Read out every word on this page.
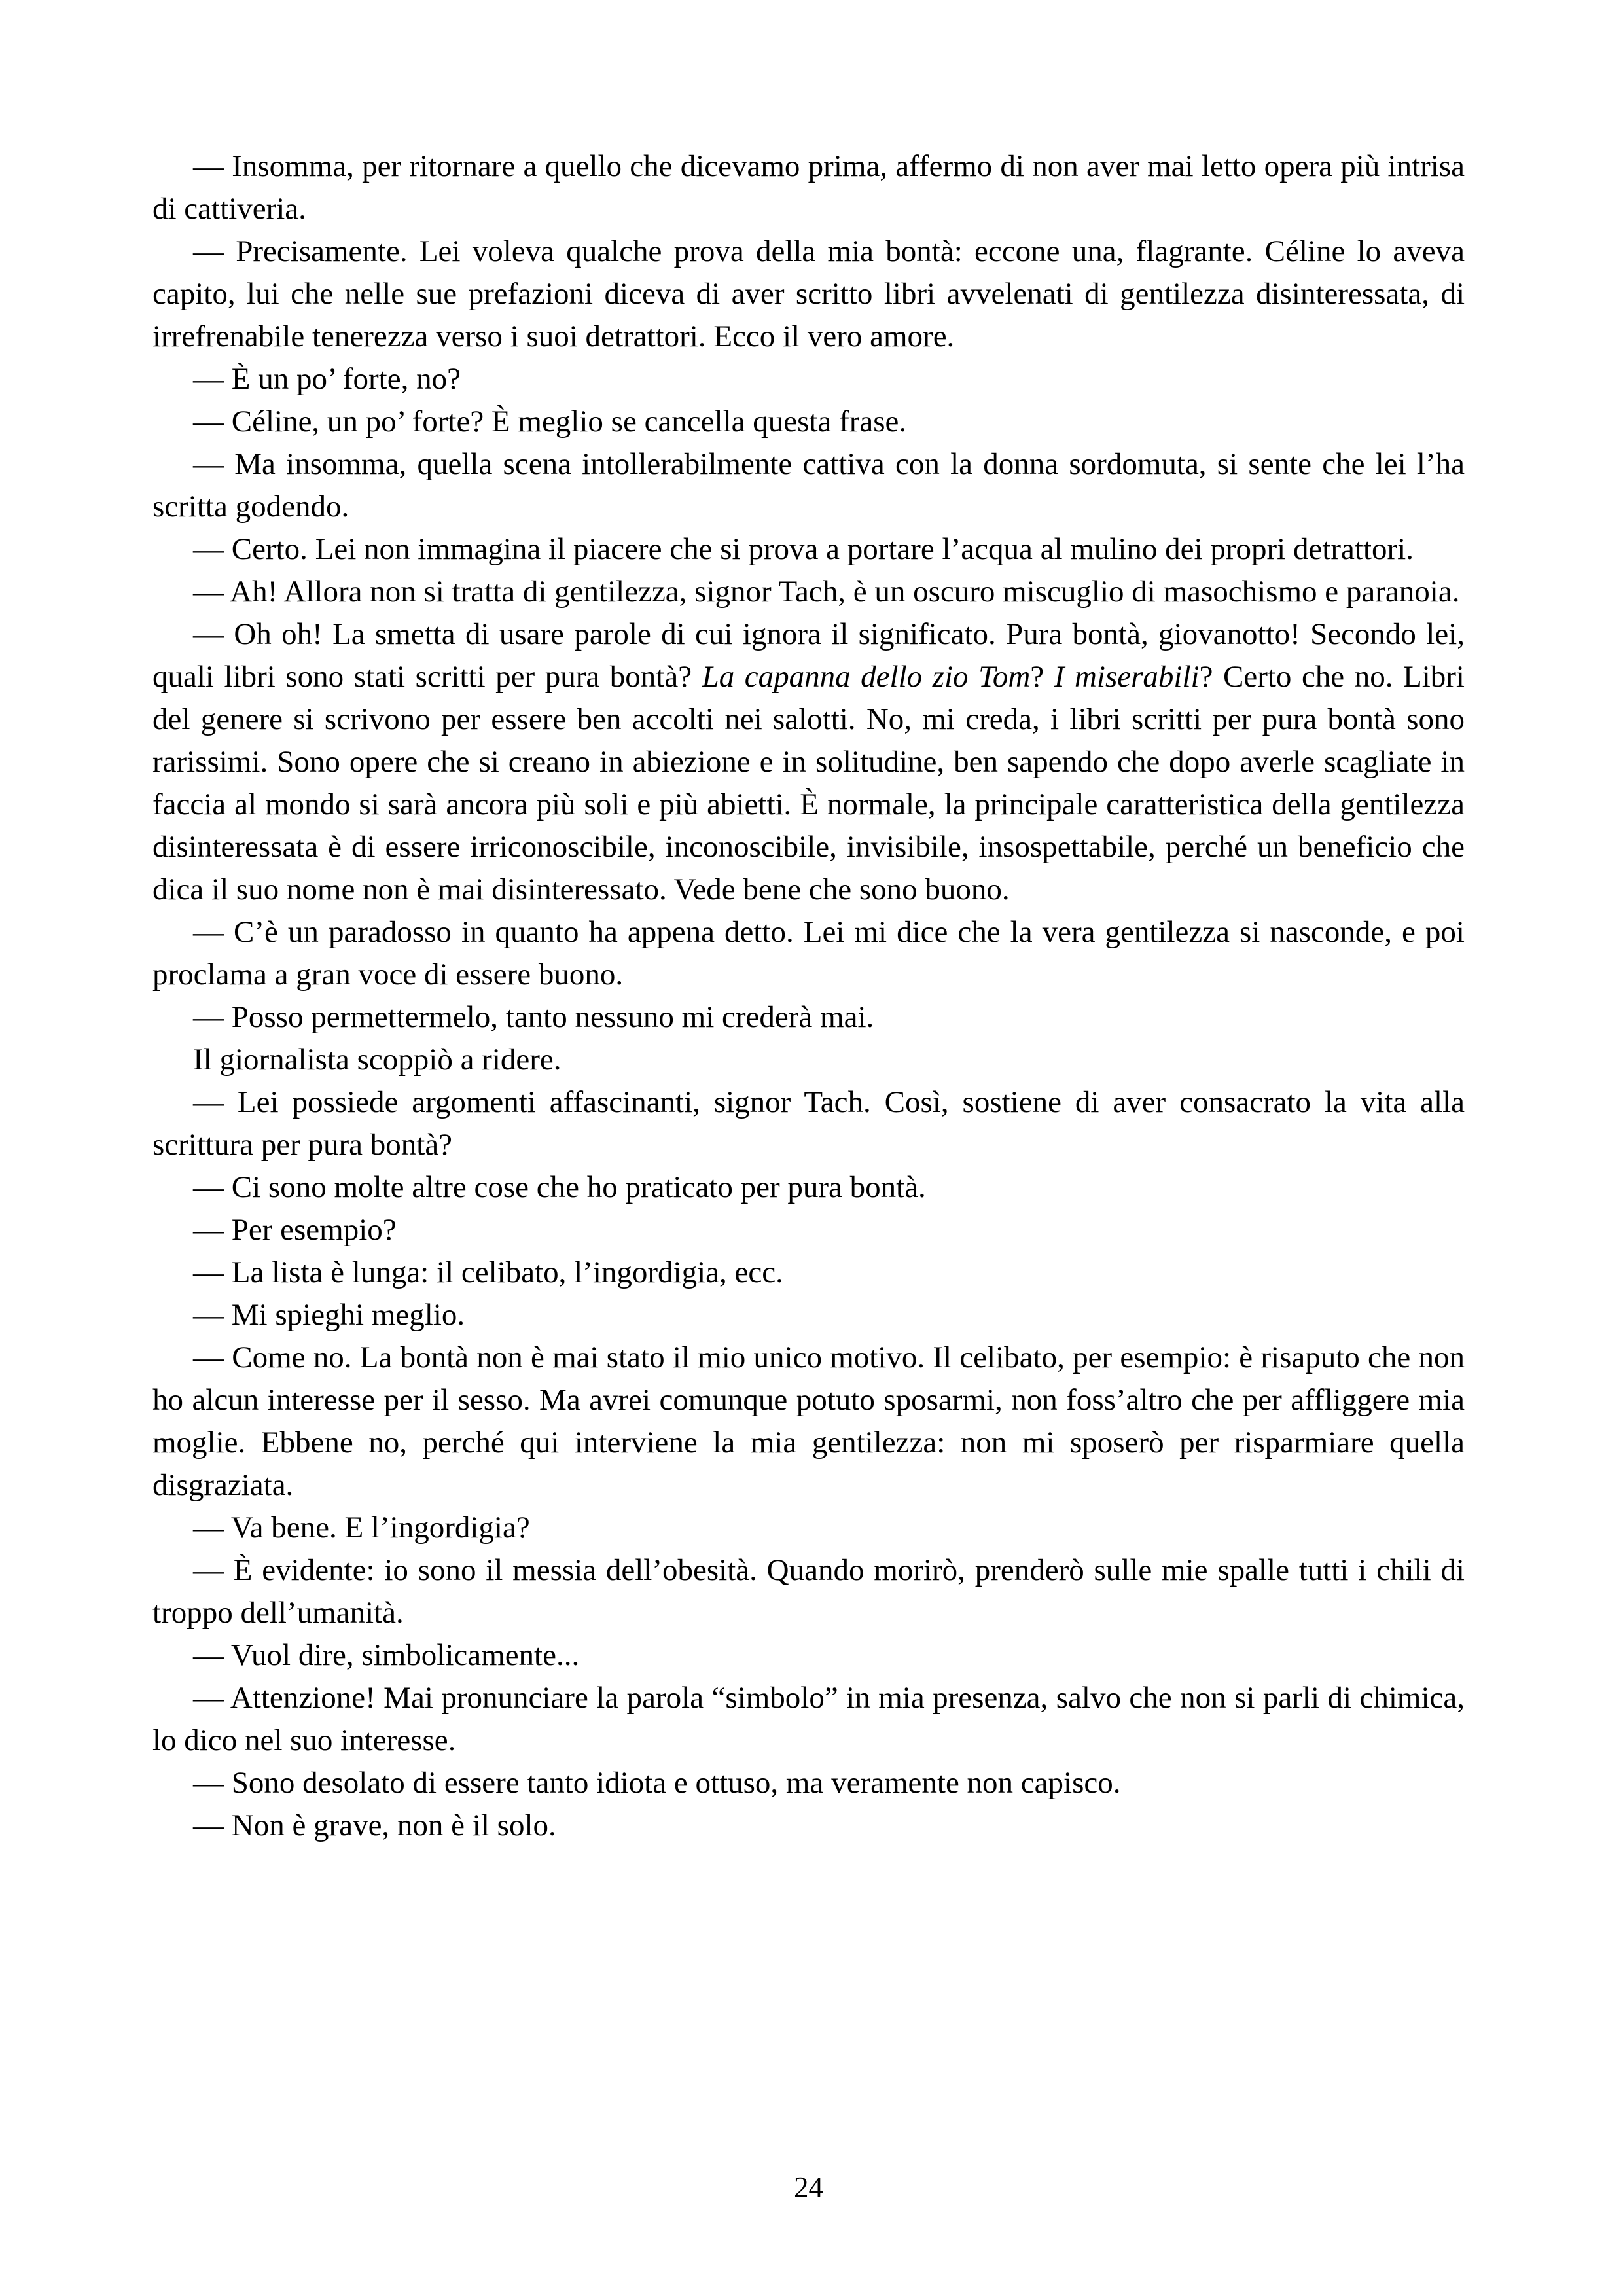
— Insomma, per ritornare a quello che dicevamo prima, affermo di non aver mai letto opera più intrisa di cattiveria.

— Precisamente. Lei voleva qualche prova della mia bontà: eccone una, flagrante. Céline lo aveva capito, lui che nelle sue prefazioni diceva di aver scritto libri avvelenati di gentilezza disinteressata, di irrefrenabile tenerezza verso i suoi detrattori. Ecco il vero amore.

— È un po’ forte, no?

— Céline, un po’ forte? È meglio se cancella questa frase.

— Ma insomma, quella scena intollerabilmente cattiva con la donna sordomuta, si sente che lei l’ha scritta godendo.

— Certo. Lei non immagina il piacere che si prova a portare l’acqua al mulino dei propri detrattori.

— Ah! Allora non si tratta di gentilezza, signor Tach, è un oscuro miscuglio di masochismo e paranoia.

— Oh oh! La smetta di usare parole di cui ignora il significato. Pura bontà, giovanotto! Secondo lei, quali libri sono stati scritti per pura bontà? La capanna dello zio Tom? I miserabili? Certo che no. Libri del genere si scrivono per essere ben accolti nei salotti. No, mi creda, i libri scritti per pura bontà sono rarissimi. Sono opere che si creano in abiezione e in solitudine, ben sapendo che dopo averle scagliate in faccia al mondo si sarà ancora più soli e più abietti. È normale, la principale caratteristica della gentilezza disinteressata è di essere irriconoscibile, inconoscibile, invisibile, insospettabile, perché un beneficio che dica il suo nome non è mai disinteressato. Vede bene che sono buono.

— C’è un paradosso in quanto ha appena detto. Lei mi dice che la vera gentilezza si nasconde, e poi proclama a gran voce di essere buono.

— Posso permettermelo, tanto nessuno mi crederà mai.

Il giornalista scoppiò a ridere.

— Lei possiede argomenti affascinanti, signor Tach. Così, sostiene di aver consacrato la vita alla scrittura per pura bontà?

— Ci sono molte altre cose che ho praticato per pura bontà.

— Per esempio?

— La lista è lunga: il celibato, l’ingordigia, ecc.

— Mi spieghi meglio.

— Come no. La bontà non è mai stato il mio unico motivo. Il celibato, per esempio: è risaputo che non ho alcun interesse per il sesso. Ma avrei comunque potuto sposarmi, non foss’altro che per affliggere mia moglie. Ebbene no, perché qui interviene la mia gentilezza: non mi sposerò per risparmiare quella disgraziata.

— Va bene. E l’ingordigia?

— È evidente: io sono il messia dell’obesità. Quando morirò, prenderò sulle mie spalle tutti i chili di troppo dell’umanità.

— Vuol dire, simbolicamente...

— Attenzione! Mai pronunciare la parola “simbolo” in mia presenza, salvo che non si parli di chimica, lo dico nel suo interesse.

— Sono desolato di essere tanto idiota e ottuso, ma veramente non capisco.

— Non è grave, non è il solo.

24
